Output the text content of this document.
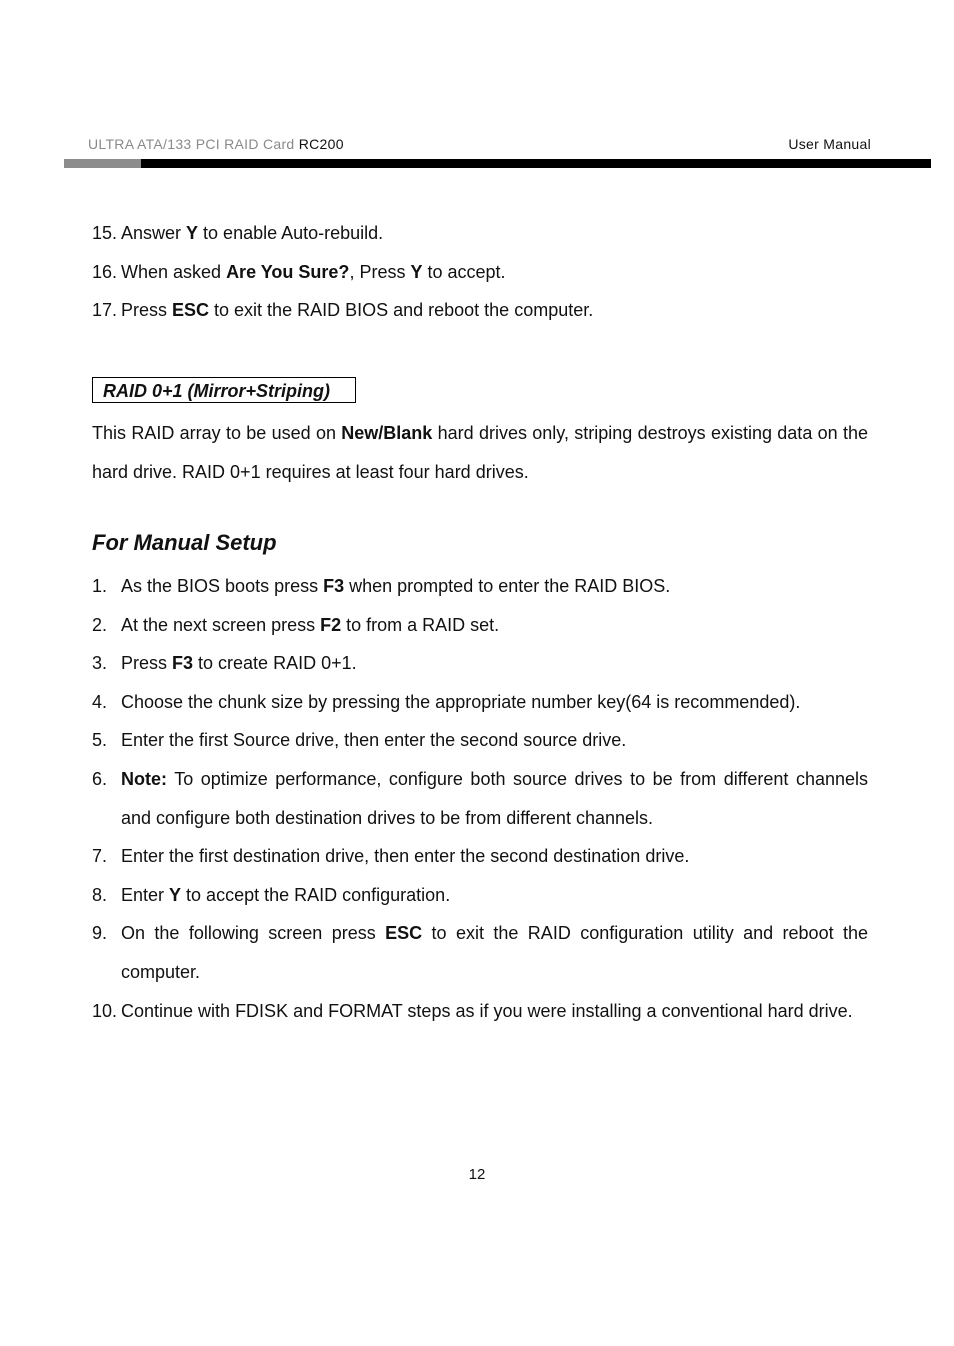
ULTRA ATA/133 PCI RAID Card RC200	User Manual
15. Answer Y to enable Auto-rebuild.
16. When asked Are You Sure?, Press Y to accept.
17. Press ESC to exit the RAID BIOS and reboot the computer.
RAID 0+1 (Mirror+Striping)
This RAID array to be used on New/Blank hard drives only, striping destroys existing data on the hard drive. RAID 0+1 requires at least four hard drives.
For Manual Setup
1. As the BIOS boots press F3 when prompted to enter the RAID BIOS.
2. At the next screen press F2 to from a RAID set.
3. Press F3 to create RAID 0+1.
4. Choose the chunk size by pressing the appropriate number key(64 is recommended).
5. Enter the first Source drive, then enter the second source drive.
6. Note: To optimize performance, configure both source drives to be from different channels and configure both destination drives to be from different channels.
7. Enter the first destination drive, then enter the second destination drive.
8. Enter Y to accept the RAID configuration.
9. On the following screen press ESC to exit the RAID configuration utility and reboot the computer.
10. Continue with FDISK and FORMAT steps as if you were installing a conventional hard drive.
12
